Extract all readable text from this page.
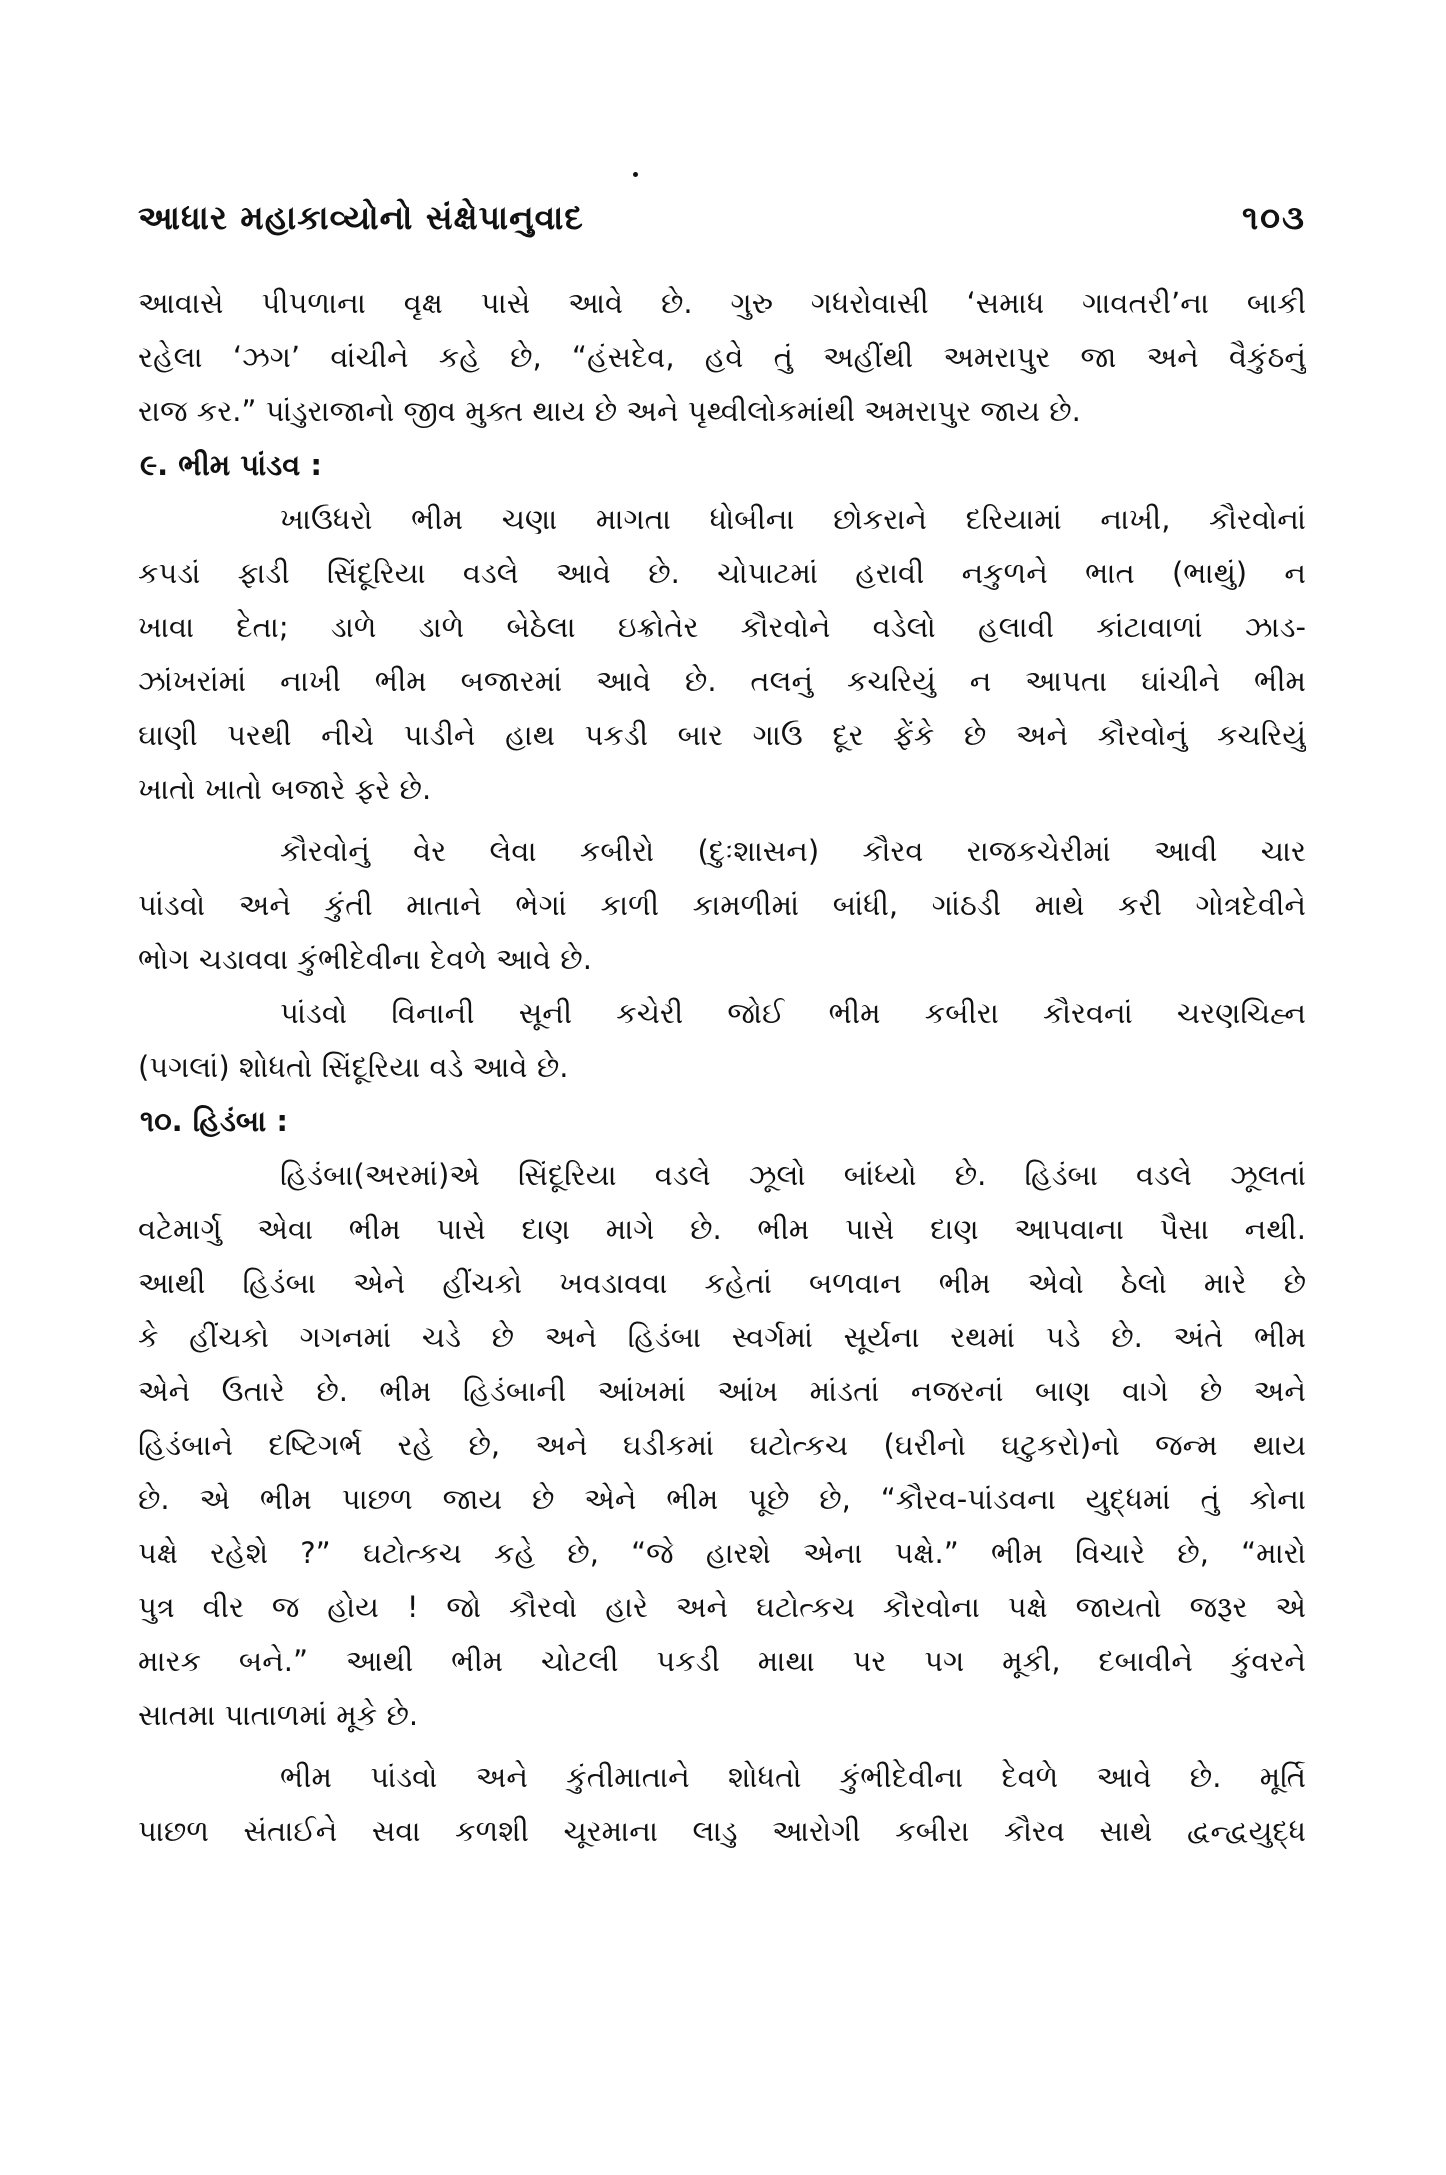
આધાર મહાકાવ્યોનો સંક્ષેપાનુવાદ	૧૦૩
આવાસે પીપળાના વૃક્ષ પાસે આવે છે. ગુરુ ગધરોવાસી ‘સમાધ ગાવતરી’ના બાકી
રહેલા ‘ઝગ’ વાંચીને કહે છે, “હંસદેવ, હવે તું અહીંથી અમરાપુર જા અને વૈકુંઠનું
રાજ કર.” પાંડુરાજાનો જીવ મુક્ત થાય છે અને પૃથ્વીલોકમાંથી અમરાપુર જાય છે.
૯. ભીમ પાંડવ :
ખાઉધરો ભીમ ચણા માગતા ધોબીના છોકરાને દરિયામાં નાખી, કૌરવોનાં
કપડાં ફાડી સિંદૂરિયા વડલે આવે છે. ચોપાટમાં હરાવી નકુળને ભાત (ભાથું) ન
ખાવા દેતા; ડાળે ડાળે બેઠેલા ઇક્રોતેર કૌરવોને વડેલો હલાવી કાંટાવાળાં ઝાડ-
ઝાંખરાંમાં નાખી ભીમ બજારમાં આવે છે. તલનું કચરિયું ન આપતા ઘાંચીને ભીમ
ઘાણી પરથી નીચે પાડીને હાથ પકડી બાર ગાઉ દૂર ફેંકે છે અને કૌરવોનું કચરિયું
ખાતો ખાતો બજારે ફરે છે.
કૌરવોનું વેર લેવા કબીરો (દુઃશાસન) કૌરવ રાજકચેરીમાં આવી ચાર
પાંડવો અને કુંતી માતાને ભેગાં કાળી કામળીમાં બાંધી, ગાંઠડી માથે કરી ગોત્રદેવીને
ભોગ ચડાવવા કુંભીદેવીના દેવળે આવે છે.
પાંડવો વિનાની સૂની કચેરી જોઈ ભીમ કબીરા કૌરવનાં ચરણચિહ્ન
(પગલાં) શોધતો સિંદૂરિયા વડે આવે છે.
૧૦. હિડંબા :
હિડંબા(અરમાં)એ સિંદૂરિયા વડલે ઝૂલો બાંધ્યો છે. હિડંબા વડલે ઝૂલતાં
વટેમાર્ગુ એવા ભીમ પાસે દાણ માગે છે. ભીમ પાસે દાણ આપવાના પૈસા નથી.
આથી હિડંબા એને હીંચકો ખવડાવવા કહેતાં બળવાન ભીમ એવો ઠેલો મારે છે
કે હીંચકો ગગનમાં ચડે છે અને હિડંબા સ્વર્ગમાં સૂર્યના રથમાં પડે છે. અંતે ભીમ
એને ઉતારે છે. ભીમ હિડંબાની આંખમાં આંખ માંડતાં નજરનાં બાણ વાગે છે અને
હિડંબાને દષ્ટિગર્ભ રહે છે, અને ઘડીકમાં ઘટોત્કચ (ઘરીનો ઘટુકરો)નો જન્મ થાય
છે. એ ભીમ પાછળ જાય છે એને ભીમ પૂછે છે, “કૌરવ-પાંડવના યુદ્ધમાં તું કોના
પક્ષે રહેશે ?” ઘટોત્કચ કહે છે, “જે હારશે એના પક્ષે.” ભીમ વિચારે છે, “મારો
પુત્ર વીર જ હોય ! જો કૌરવો હારે અને ઘટોત્કચ કૌરવોના પક્ષે જાયતો જરૂર એ
મારક બને.” આથી ભીમ ચોટલી પકડી માથા પર પગ મૂકી, દબાવીને કુંવરને
સાતમા પાતાળમાં મૂકે છે.
ભીમ પાંડવો અને કુંતીમાતાને શોધતો કુંભીદેવીના દેવળે આવે છે. મૂર્તિ
પાછળ સંતાઈને સવા કળશી ચૂરમાના લાડુ આરોગી કબીરા કૌરવ સાથે દ્વન્દ્વયુદ્ધ
